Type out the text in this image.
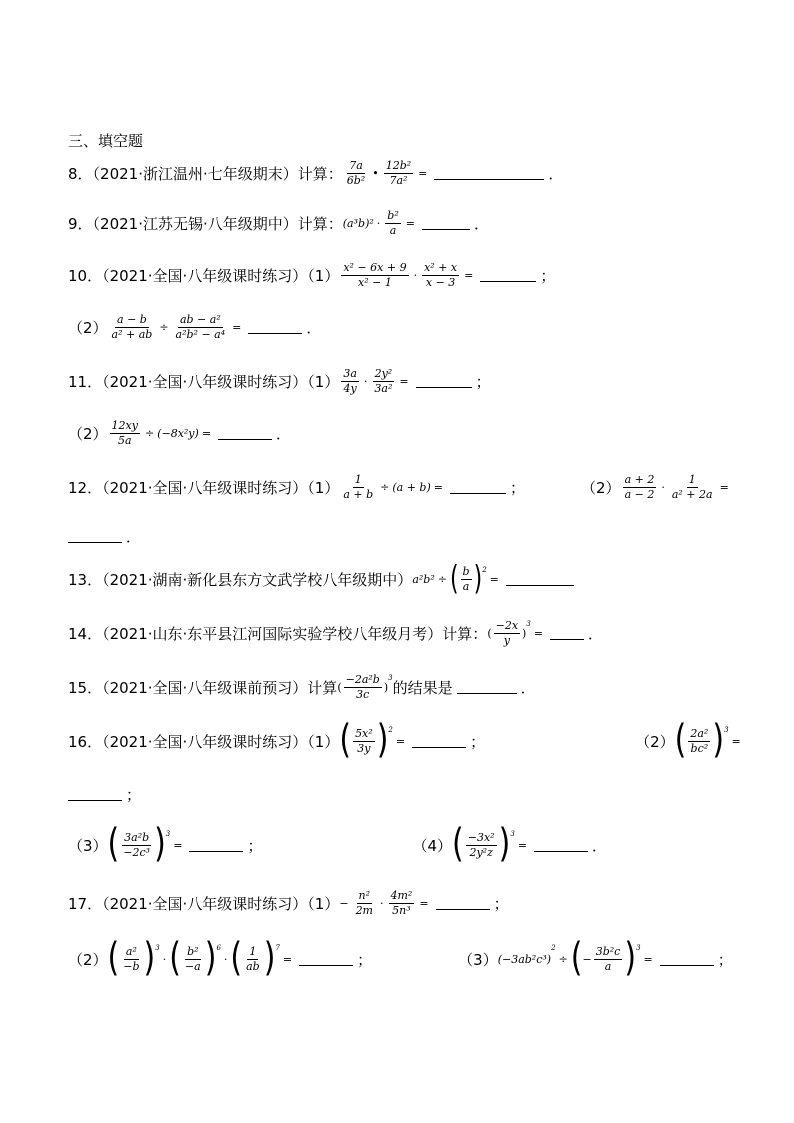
三、填空题
8．（2021·浙江温州·七年级期末）计算： $\frac{7a}{\text{6b²}}$ • $\frac{\text{12b²}}{\text{7a²}}$ =	．
9．（2021·江苏无锡·八年级期中）计算： $(a^3b)^2 \cdot \frac{\text{b²}}{a}$ =	．
10．（2021·全国·八年级课时练习）$(1) \frac{\text{x² − 6x + 9}}{\text{x² − 1}} \cdot \frac{\text{x² + x}}{x - 3}$ =	；
$(2) \frac{a - b}{\text{a² + ab}} \div \frac{\text{ab − a²}}{\text{a²b² − a⁴}}$ =	．
11．（2021·全国·八年级课时练习）$(1) \frac{3a}{4y} \cdot \frac{\text{2y²}}{\text{3a²}}$ =	；
$(2) \frac{12xy}{5a} \div (-8x^2y)$ =	．
12．（2021·全国·八年级课时练习）$(1) \frac{1}{a + b} \div (a + b)$ =	；	$(2) \frac{a + 2}{a - 2} \cdot \frac{1}{\text{a² + 2a}}$ =
．
13．（2021·湖南·新化县东方文武学校八年级期中） a²b² ÷ ( $\frac{b}{a} )^2$
=
14．（2021·山东·东平县江河国际实验学校八年级月考）计算： ( $\frac{-2x}{y}$ )
$^3$
=	．
15．（2021·全国·八年级课前预习）计算 ( $\frac{\text{−2a²b}}{3c}$ )
$^3$
的结果是	．
16．（2021·全国·八年级课时练习）（1） ( $\frac{\text{5x²}}{3y} )^2$
=	；	（2） ( $\frac{\text{2a²}}{\text{bc²}} )^3$
=
；
（3） ( $\frac{\text{3a²b}}{\text{−2c³}} )^3$
=	；	（4） ( $\frac{\text{−3x²}}{\text{2y²z}} )^3$
=	．
17．（2021·全国·八年级课时练习）$(1) - \frac{\text{n²}}{2m} \cdot \frac{\text{4m²}}{\text{5n³}}$ =	；
（2） ( $\frac{\text{a²}}{-b} )^3$
· ( $\frac{\text{b²}}{-a} )^6$
· ( $\frac{1}{ab} )^7$
=	；	（3） (−3ab²c³)
2
÷ ( − $\frac{\text{3b²c}}{a} )^3$
=	；
